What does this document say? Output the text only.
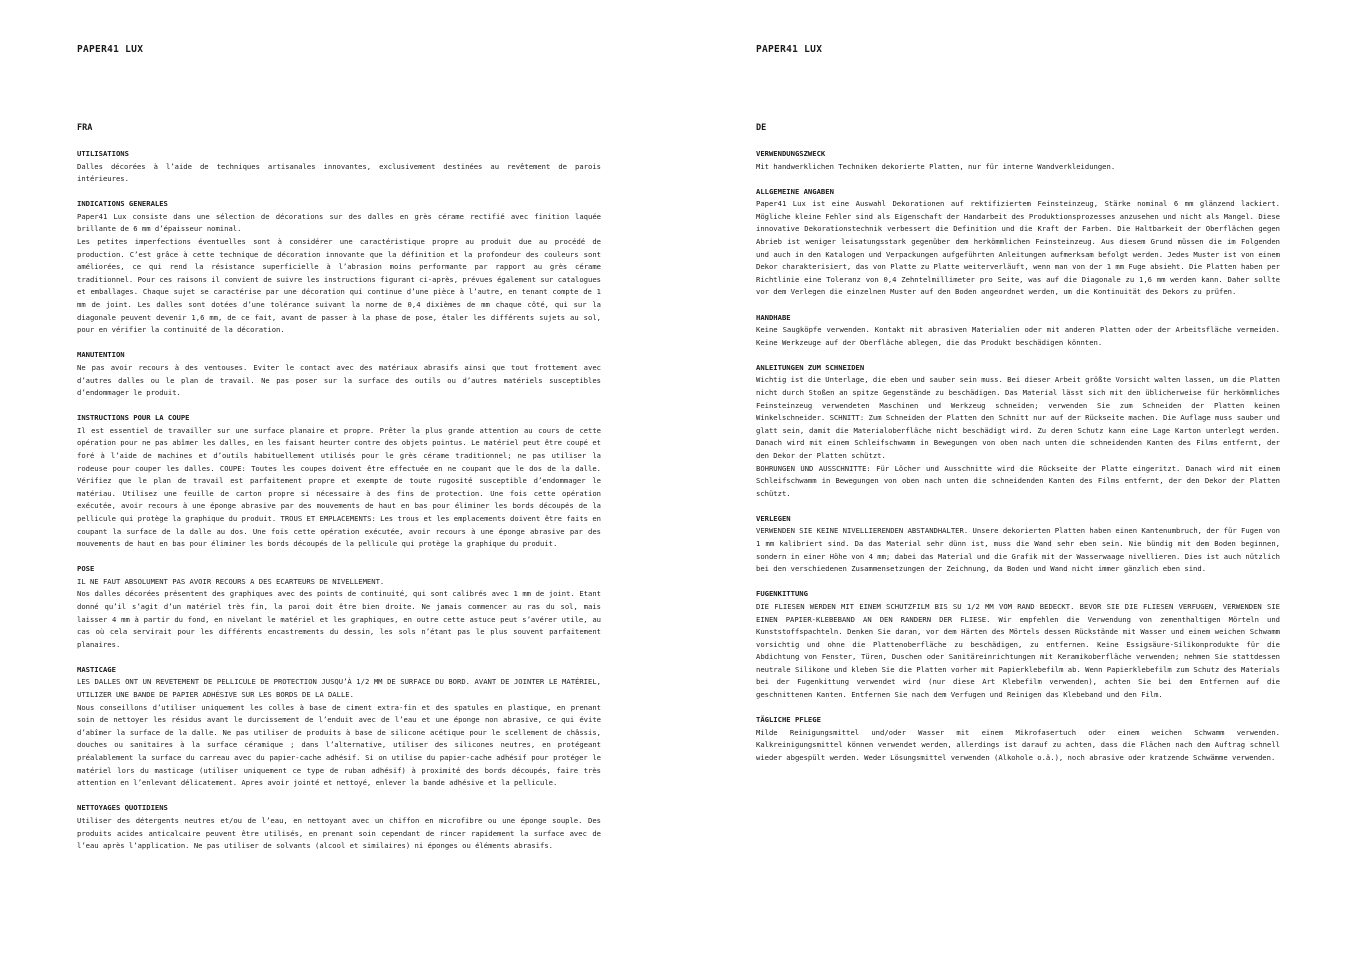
PAPER41 LUX
FRA
UTILISATIONS

Dalles décorées à l’aide de techniques artisanales innovantes, exclusivement destinées au revêtement de parois intérieures.

INDICATIONS GENERALES

Paper41 Lux consiste dans une sélection de décorations sur des dalles en grès cérame rectifié avec finition laquée brillante de 6 mm d’épaisseur nominal.

Les petites imperfections éventuelles sont à considérer une caractéristique propre au produit due au procédé de production. C’est grâce à cette technique de décoration innovante que la définition et la profondeur des couleurs sont améliorées, ce qui rend la résistance superficielle à l’abrasion moins performante par rapport au grès cérame traditionnel. Pour ces raisons il convient de suivre les instructions figurant ci-après, prévues également sur catalogues et emballages. Chaque sujet se caractérise par une décoration qui continue d’une pièce à l’autre, en tenant compte de 1 mm de joint. Les dalles sont dotées d’une tolérance suivant la norme de 0,4 dixièmes de mm chaque côté, qui sur la diagonale peuvent devenir 1,6 mm, de ce fait, avant de passer à la phase de pose, étaler les différents sujets au sol, pour en vérifier la continuité de la décoration.

MANUTENTION

Ne pas avoir recours à des ventouses. Eviter le contact avec des matériaux abrasifs ainsi que tout frottement avec d’autres dalles ou le plan de travail. Ne pas poser sur la surface des outils ou d’autres matériels susceptibles d’endommager le produit.

INSTRUCTIONS POUR LA COUPE

Il est essentiel de travailler sur une surface planaire et propre. Prêter la plus grande attention au cours de cette opération pour ne pas abîmer les dalles, en les faisant heurter contre des objets pointus. Le matériel peut être coupé et foré à l’aide de machines et d’outils habituellement utilisés pour le grès cérame traditionnel; ne pas utiliser la rodeuse pour couper les dalles. COUPE: Toutes les coupes doivent être effectuée en ne coupant que le dos de la dalle. Vérifiez que le plan de travail est parfaitement propre et exempte de toute rugosité susceptible d’endommager le matériau. Utilisez une feuille de carton propre si nécessaire à des fins de protection. Une fois cette opération exécutée, avoir recours à une éponge abrasive par des mouvements de haut en bas pour éliminer les bords découpés de la pellicule qui protège la graphique du produit. TROUS ET EMPLACEMENTS: Les trous et les emplacements doivent être faits en coupant la surface de la dalle au dos. Une fois cette opération exécutée, avoir recours à une éponge abrasive par des mouvements de haut en bas pour éliminer les bords découpés de la pellicule qui protège la graphique du produit.

POSE

IL NE FAUT ABSOLUMENT PAS AVOIR RECOURS A DES ECARTEURS DE NIVELLEMENT.

Nos dalles décorées présentent des graphiques avec des points de continuité, qui sont calibrés avec 1 mm de joint. Etant donné qu’il s’agit d’un matériel très fin, la paroi doit être bien droite. Ne jamais commencer au ras du sol, mais laisser 4 mm à partir du fond, en nivelant le matériel et les graphiques, en outre cette astuce peut s’avérer utile, au cas où cela servirait pour les différents encastrements du dessin, les sols n’étant pas le plus souvent parfaitement planaires.

MASTICAGE

LES DALLES ONT UN REVETEMENT DE PELLICULE DE PROTECTION JUSQU’À 1/2 MM DE SURFACE DU BORD. AVANT DE JOINTER LE MATÉRIEL, UTILIZER UNE BANDE DE PAPIER ADHÉSIVE SUR LES BORDS DE LA DALLE.

Nous conseillons d’utiliser uniquement les colles à base de ciment extra-fin et des spatules en plastique, en prenant soin de nettoyer les résidus avant le durcissement de l’enduit avec de l’eau et une éponge non abrasive, ce qui évite d’abîmer la surface de la dalle. Ne pas utiliser de produits à base de silicone acétique pour le scellement de châssis, douches ou sanitaires à la surface céramique ; dans l’alternative, utiliser des silicones neutres, en protégeant préalablement la surface du carreau avec du papier-cache adhésif. Si on utilise du papier-cache adhésif pour protéger le matériel lors du masticage (utiliser uniquement ce type de ruban adhésif) à proximité des bords découpés, faire très attention en l’enlevant délicatement. Apres avoir jointé et nettoyé, enlever la bande adhésive et la pellicule.

NETTOYAGES QUOTIDIENS

Utiliser des détergents neutres et/ou de l’eau, en nettoyant avec un chiffon en microfibre ou une éponge souple. Des produits acides anticalcaire peuvent être utilisés, en prenant soin cependant de rincer rapidement la surface avec de l’eau après l’application. Ne pas utiliser de solvants (alcool et similaires) ni éponges ou éléments abrasifs.

PAPER41 LUX
DE
VERWENDUNGSZWECK

Mit handwerklichen Techniken dekorierte Platten, nur für interne Wandverkleidungen.

ALLGEMEINE ANGABEN

Paper41 Lux ist eine Auswahl Dekorationen auf rektifiziertem Feinsteinzeug, Stärke nominal 6 mm glänzend lackiert. Mögliche kleine Fehler sind als Eigenschaft der Handarbeit des Produktionsprozesses anzusehen und nicht als Mangel. Diese innovative Dekorationstechnik verbessert die Definition und die Kraft der Farben. Die Haltbarkeit der Oberflächen gegen Abrieb ist weniger leisatungsstark gegenüber dem herkömmlichen Feinsteinzeug. Aus diesem Grund müssen die im Folgenden und auch in den Katalogen und Verpackungen aufgeführten Anleitungen aufmerksam befolgt werden. Jedes Muster ist von einem Dekor charakterisiert, das von Platte zu Platte weiterverläuft, wenn man von der 1 mm Fuge absieht. Die Platten haben per Richtlinie eine Toleranz von 0,4 Zehntelmillimeter pro Seite, was auf die Diagonale zu 1,6 mm werden kann. Daher sollte vor dem Verlegen die einzelnen Muster auf den Boden angeordnet werden, um die Kontinuität des Dekors zu prüfen.

HANDHABE

Keine Saugköpfe verwenden. Kontakt mit abrasiven Materialien oder mit anderen Platten oder der Arbeitsfläche vermeiden. Keine Werkzeuge auf der Oberfläche ablegen, die das Produkt beschädigen könnten.

ANLEITUNGEN ZUM SCHNEIDEN

Wichtig ist die Unterlage, die eben und sauber sein muss. Bei dieser Arbeit größte Vorsicht walten lassen, um die Platten nicht durch Stoßen an spitze Gegenstände zu beschädigen. Das Material lässt sich mit den üblicherweise für herkömmliches Feinsteinzeug verwendeten Maschinen und Werkzeug schneiden; verwenden Sie zum Schneiden der Platten keinen Winkelschneider. SCHNITT: Zum Schneiden der Platten den Schnitt nur auf der Rückseite machen. Die Auflage muss sauber und glatt sein, damit die Materialoberfläche nicht beschädigt wird. Zu deren Schutz kann eine Lage Karton unterlegt werden. Danach wird mit einem Schleifschwamm in Bewegungen von oben nach unten die schneidenden Kanten des Films entfernt, der den Dekor der Platten schützt.

BOHRUNGEN UND AUSSCHNITTE: Für Löcher und Ausschnitte wird die Rückseite der Platte eingeritzt. Danach wird mit einem Schleifschwamm in Bewegungen von oben nach unten die schneidenden Kanten des Films entfernt, der den Dekor der Platten schützt.

VERLEGEN

VERWENDEN SIE KEINE NIVELLIERENDEN ABSTANDHALTER. Unsere dekorierten Platten haben einen Kantenumbruch, der für Fugen von 1 mm kalibriert sind. Da das Material sehr dünn ist, muss die Wand sehr eben sein. Nie bündig mit dem Boden beginnen, sondern in einer Höhe von 4 mm; dabei das Material und die Grafik mit der Wasserwaage nivellieren. Dies ist auch nützlich bei den verschiedenen Zusammensetzungen der Zeichnung, da Boden und Wand nicht immer gänzlich eben sind.

FUGENKITTUNG

DIE FLIESEN WERDEN MIT EINEM SCHUTZFILM BIS SU 1/2 MM VOM RAND BEDECKT. BEVOR SIE DIE FLIESEN VERFUGEN, VERWENDEN SIE EINEN PAPIER-KLEBEBAND AN DEN RANDERN DER FLIESE. Wir empfehlen die Verwendung von zementhaltigen Mörteln und Kunststoffspachteln. Denken Sie daran, vor dem Härten des Mörtels dessen Rückstände mit Wasser und einem weichen Schwamm vorsichtig und ohne die Plattenoberfläche zu beschädigen, zu entfernen. Keine Essigsäure-Silikonprodukte für die Abdichtung von Fenster, Türen, Duschen oder Sanitäreinrichtungen mit Keramikoberfläche verwenden; nehmen Sie stattdessen neutrale Silikone und kleben Sie die Platten vorher mit Papierklebefilm ab. Wenn Papierklebefilm zum Schutz des Materials bei der Fugenkittung verwendet wird (nur diese Art Klebefilm verwenden), achten Sie bei dem Entfernen auf die geschnittenen Kanten. Entfernen Sie nach dem Verfugen und Reinigen das Klebeband und den Film.

TÄGLICHE PFLEGE

Milde Reinigungsmittel und/oder Wasser mit einem Mikrofasertuch oder einem weichen Schwamm verwenden. Kalkreinigungsmittel können verwendet werden, allerdings ist darauf zu achten, dass die Flächen nach dem Auftrag schnell wieder abgespült werden. Weder Lösungsmittel verwenden (Alkohole o.ä.), noch abrasive oder kratzende Schwämme verwenden.
